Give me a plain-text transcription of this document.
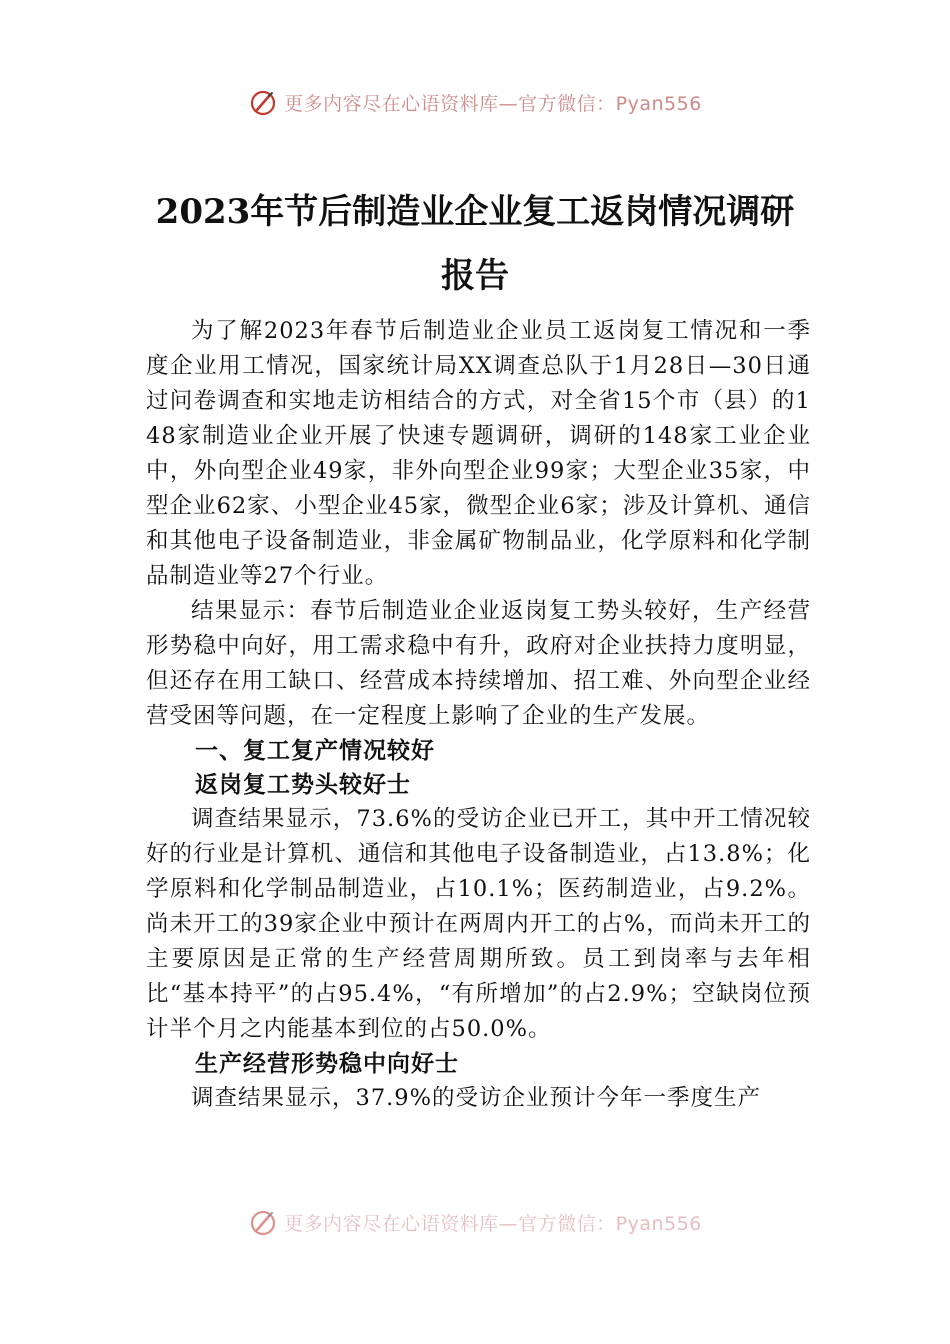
更多内容尽在心语资料库—官方微信：Pyan556
2023年节后制造业企业复工返岗情况调研
报告

为了解2023年春节后制造业企业员工返岗复工情况和一季度企业用工情况，国家统计局XX调查总队于1月28日—30日通过问卷调查和实地走访相结合的方式，对全省15个市（县）的148家制造业企业开展了快速专题调研，调研的148家工业企业中，外向型企业49家，非外向型企业99家；大型企业35家，中型企业62家、小型企业45家，微型企业6家；涉及计算机、通信和其他电子设备制造业，非金属矿物制品业，化学原料和化学制品制造业等27个行业。

结果显示：春节后制造业企业返岗复工势头较好，生产经营形势稳中向好，用工需求稳中有升，政府对企业扶持力度明显，但还存在用工缺口、经营成本持续增加、招工难、外向型企业经营受困等问题，在一定程度上影响了企业的生产发展。

一、复工复产情况较好

返岗复工势头较好士

调查结果显示，73.6%的受访企业已开工，其中开工情况较好的行业是计算机、通信和其他电子设备制造业，占13.8%；化学原料和化学制品制造业，占10.1%；医药制造业，占9.2%。尚未开工的39家企业中预计在两周内开工的占%，而尚未开工的主要原因是正常的生产经营周期所致。员工到岗率与去年相比“基本持平”的占95.4%，“有所增加”的占2.9%；空缺岗位预计半个月之内能基本到位的占50.0%。

生产经营形势稳中向好士

调查结果显示，37.9%的受访企业预计今年一季度生产

更多内容尽在心语资料库—官方微信：Pyan556
